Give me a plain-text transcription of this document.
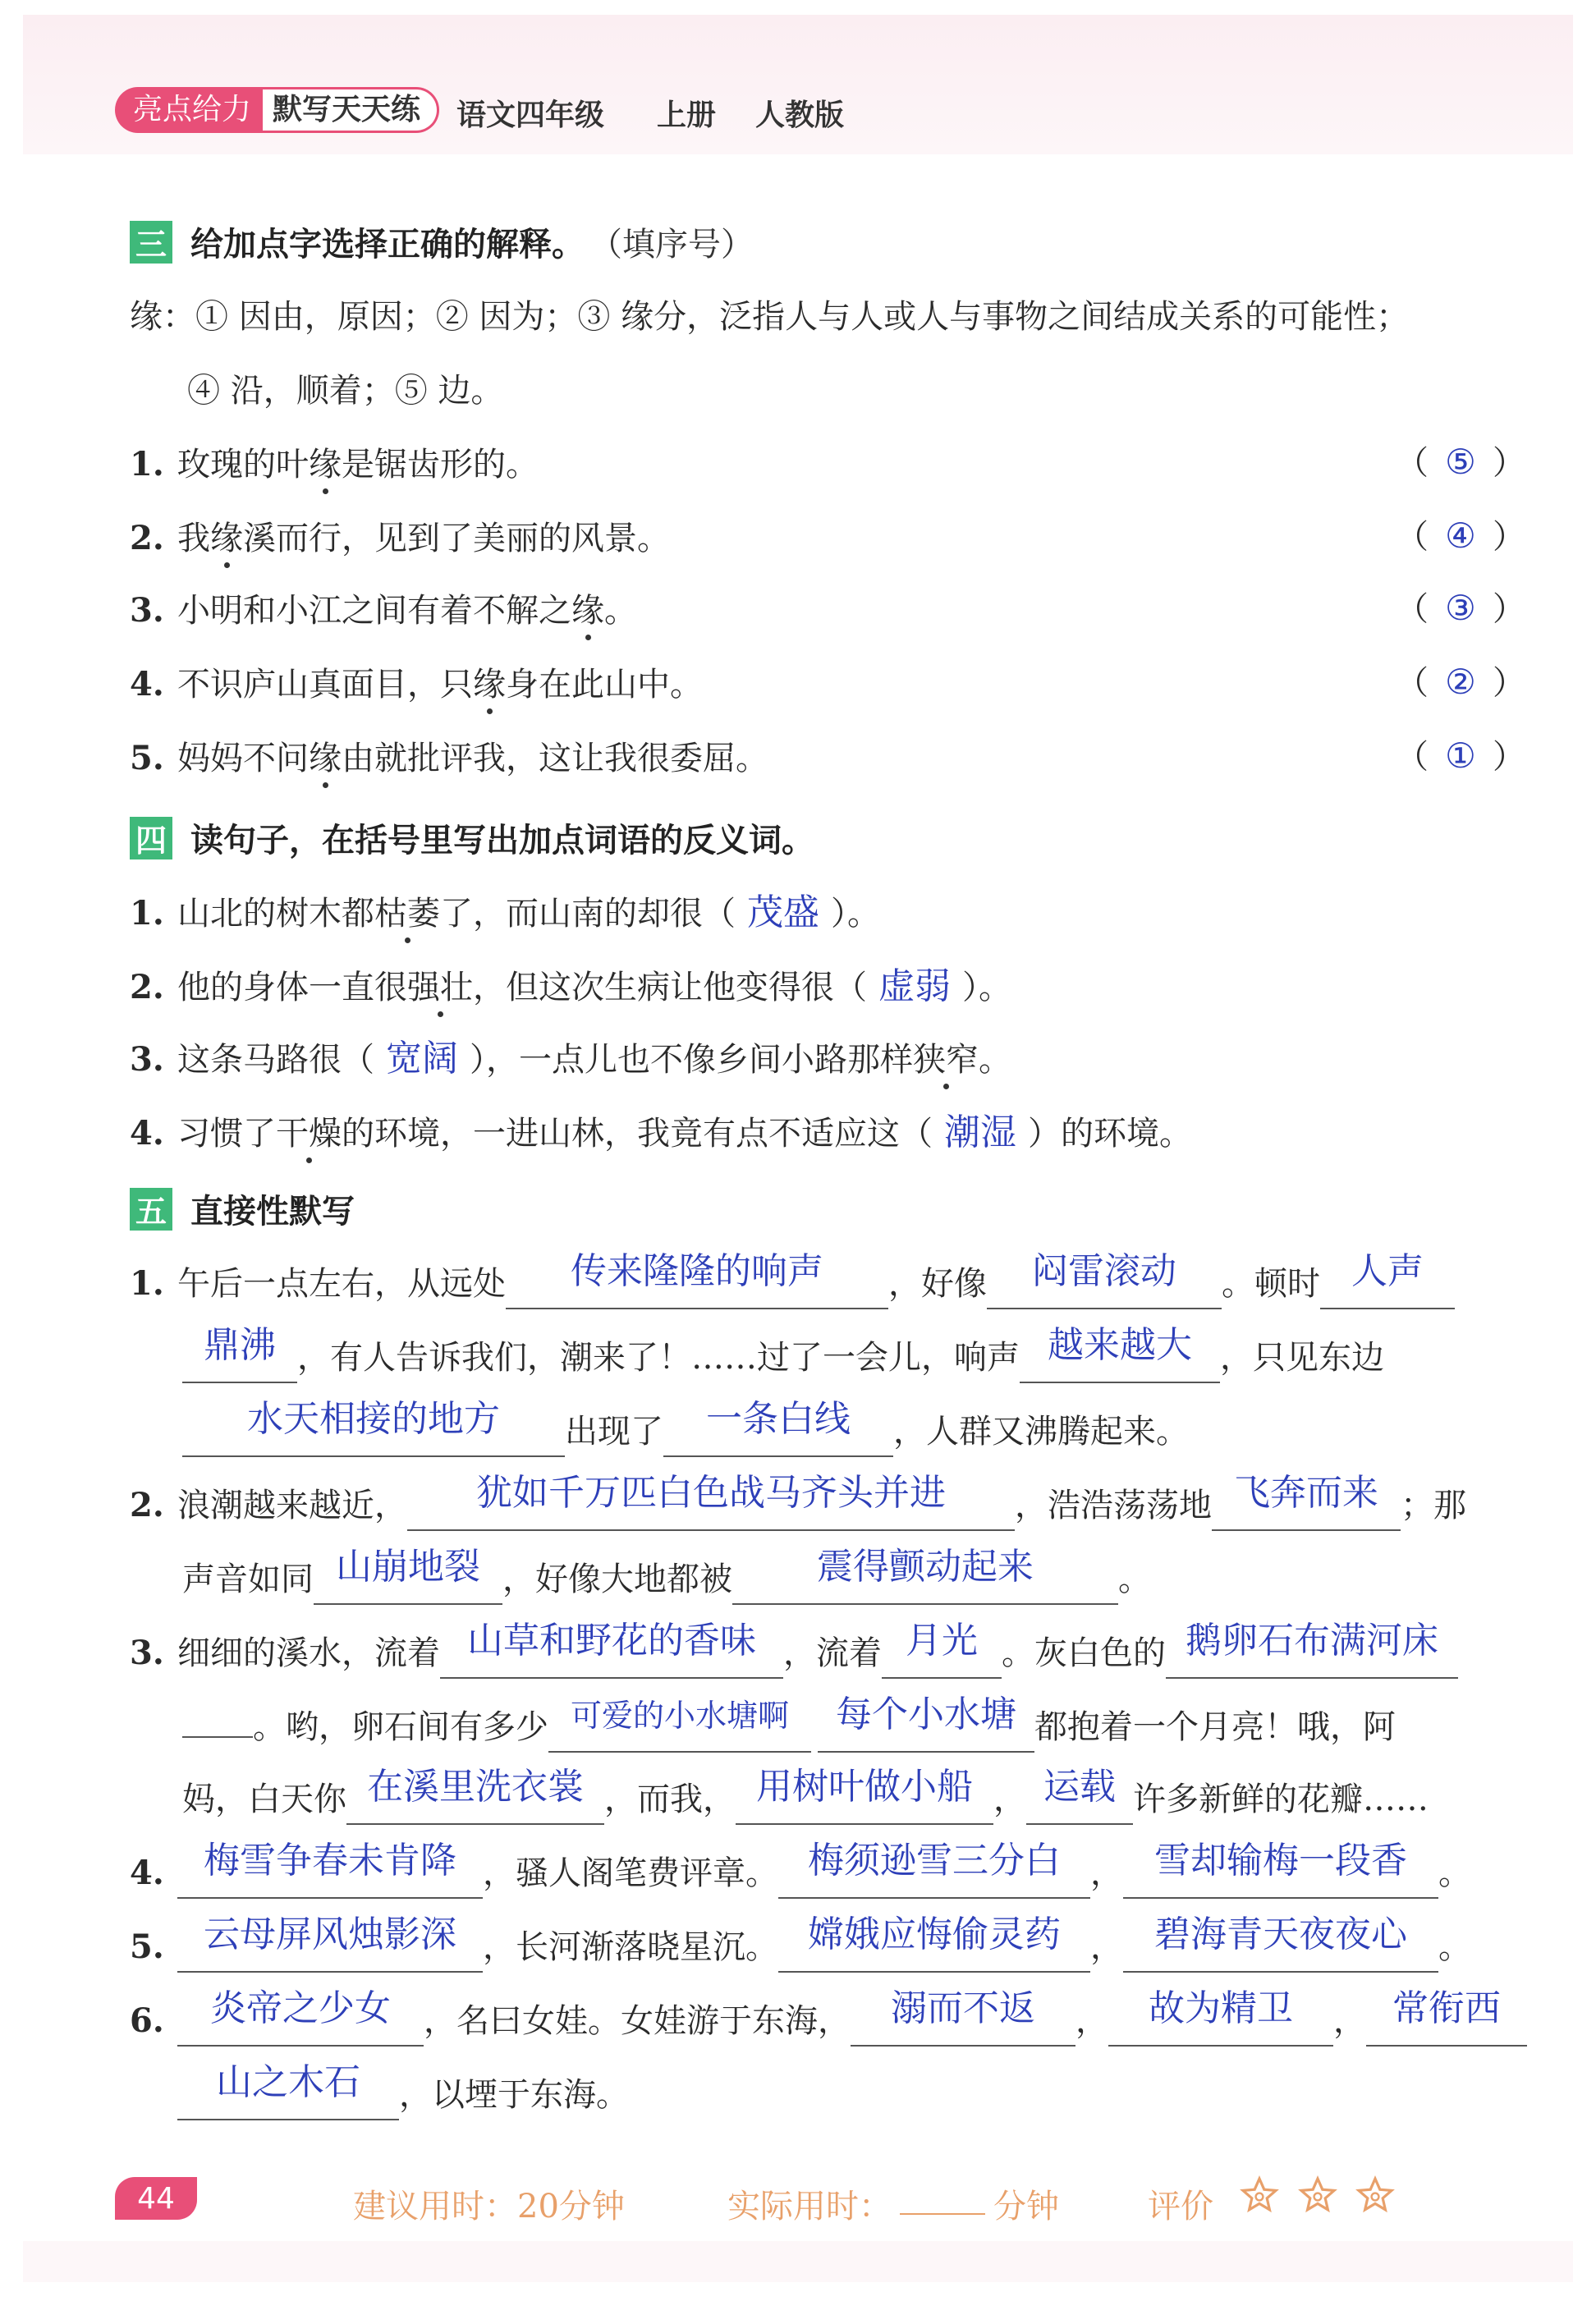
亮点给力 默写天天练	语文四年级 上册 人教版
三 给加点字选择正确的解释。 （填序号）
缘：① 因由，原因；② 因为；③ 缘分，泛指人与人或人与事物之间结成关系的可能性；
④ 沿，顺着；⑤ 边。
1. 玫瑰的叶缘是锯齿形的。	（ ⑤ ）
2. 我缘溪而行，见到了美丽的风景。	（ ④ ）
3. 小明和小江之间有着不解之缘。	（ ③ ）
4. 不识庐山真面目，只缘身在此山中。	（ ② ）
5. 妈妈不问缘由就批评我，这让我很委屈。	（ ① ）
四 读句子，在括号里写出加点词语的反义词。
1. 山北的树木都枯萎了，而山南的却很（ 茂盛 ）。
2. 他的身体一直很强壮，但这次生病让他变得很（ 虚弱 ）。
3. 这条马路很（ 宽阔 ），一点儿也不像乡间小路那样狭窄。
4. 习惯了干燥的环境，一进山林，我竟有点不适应这（ 潮湿 ）的环境。
五 直接性默写
1. 午后一点左右，从远处 传来隆隆的响声 ，好像 闷雷滚动 。顿时 人声
鼎沸 ，有人告诉我们，潮来了！……过了一会儿，响声 越来越大 ，只见东边
水天相接的地方 出现了 一条白线 ，人群又沸腾起来。
2. 浪潮越来越近， 犹如千万匹白色战马齐头并进 ，浩浩荡荡地 飞奔而来 ；那
声音如同 山崩地裂 ，好像大地都被 震得颤动起来	。
3. 细细的溪水，流着 山草和野花的香味 ，流着 月光 。灰白色的 鹅卵石布满河床
。哟，卵石间有多少 可爱的小水塘啊 每个小水塘 都抱着一个月亮！哦，阿
妈，白天你 在溪里洗衣裳 ，而我， 用树叶做小船 ， 运载 许多新鲜的花瓣……
4. 梅雪争春未肯降 ，骚人阁笔费评章。 梅须逊雪三分白 ， 雪却输梅一段香 。
5. 云母屏风烛影深 ，长河渐落晓星沉。 嫦娥应悔偷灵药 ， 碧海青天夜夜心 。
6. 炎帝之少女 ，名曰女娃。女娃游于东海， 溺而不返 ， 故为精卫 ， 常衔西
山之木石 ，以堙于东海。
44	建议用时：20分钟	实际用时：	分钟	评价
